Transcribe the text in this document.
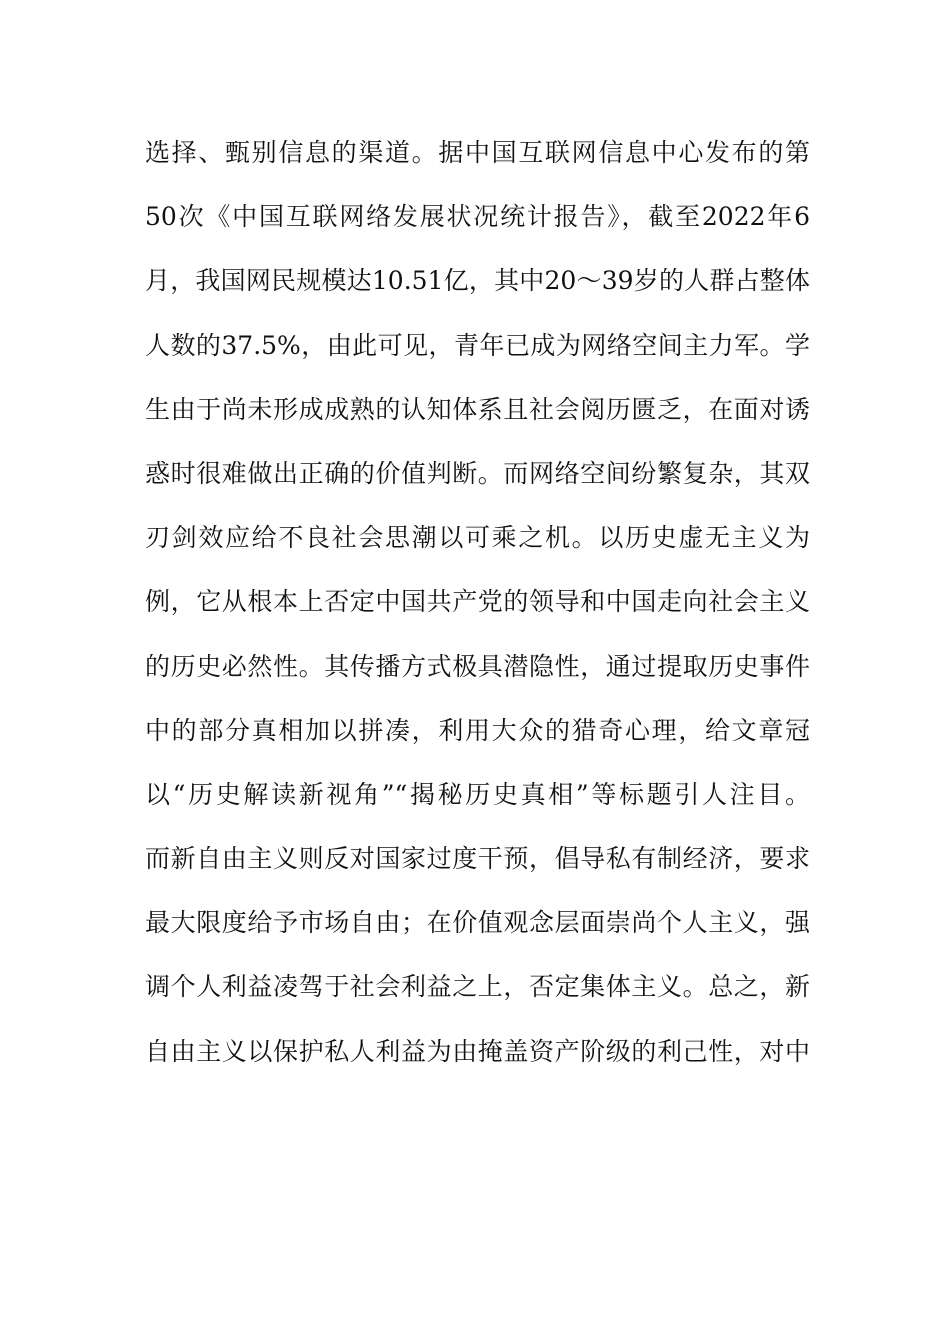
选择、甄别信息的渠道。据中国互联网信息中心发布的第
50次《中国互联网络发展状况统计报告》，截至2022年6
月，我国网民规模达10.51亿，其中20～39岁的人群占整体
人数的37.5%，由此可见，青年已成为网络空间主力军。学
生由于尚未形成成熟的认知体系且社会阅历匮乏，在面对诱
惑时很难做出正确的价值判断。而网络空间纷繁复杂，其双
刃剑效应给不良社会思潮以可乘之机。以历史虚无主义为
例，它从根本上否定中国共产党的领导和中国走向社会主义
的历史必然性。其传播方式极具潜隐性，通过提取历史事件
中的部分真相加以拼凑，利用大众的猎奇心理，给文章冠
以“历史解读新视角”“揭秘历史真相”等标题引人注目。
而新自由主义则反对国家过度干预，倡导私有制经济，要求
最大限度给予市场自由；在价值观念层面崇尚个人主义，强
调个人利益凌驾于社会利益之上，否定集体主义。总之，新
自由主义以保护私人利益为由掩盖资产阶级的利己性，对中
